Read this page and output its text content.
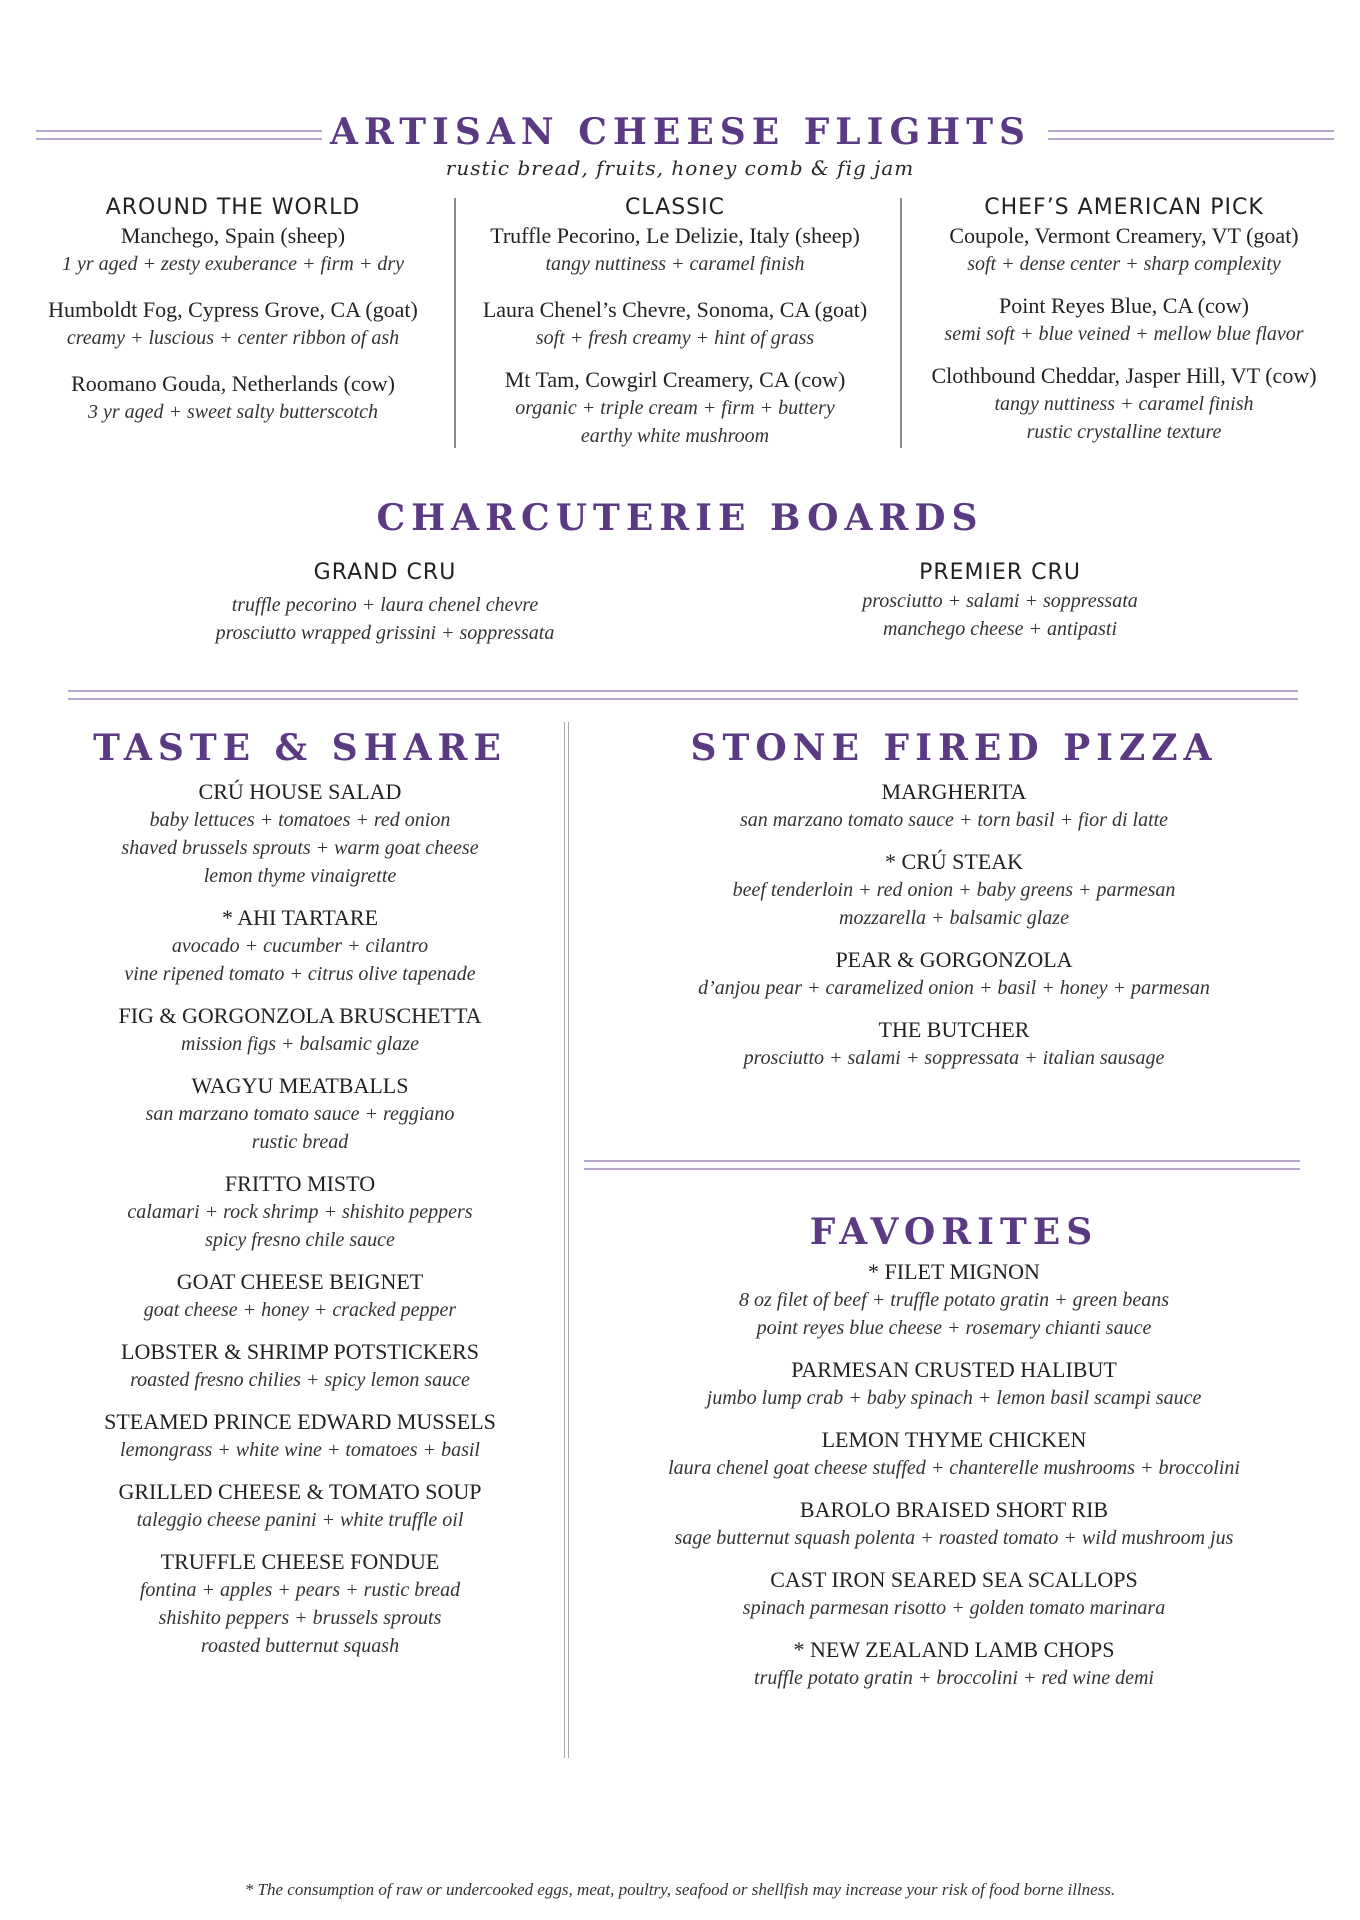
ARTISAN CHEESE FLIGHTS
rustic bread, fruits, honey comb & fig jam
AROUND THE WORLD
Manchego, Spain (sheep)
1 yr aged + zesty exuberance + firm + dry
Humboldt Fog, Cypress Grove, CA (goat)
creamy + luscious + center ribbon of ash
Roomano Gouda, Netherlands (cow)
3 yr aged + sweet salty butterscotch
CLASSIC
Truffle Pecorino, Le Delizie, Italy (sheep)
tangy nuttiness + caramel finish
Laura Chenel’s Chevre, Sonoma, CA (goat)
soft + fresh creamy + hint of grass
Mt Tam, Cowgirl Creamery, CA (cow)
organic + triple cream + firm + buttery
earthy white mushroom
CHEF’S AMERICAN PICK
Coupole, Vermont Creamery, VT (goat)
soft + dense center + sharp complexity
Point Reyes Blue, CA (cow)
semi soft + blue veined + mellow blue flavor
Clothbound Cheddar, Jasper Hill, VT (cow)
tangy nuttiness + caramel finish
rustic crystalline texture
CHARCUTERIE BOARDS
GRAND CRU
truffle pecorino + laura chenel chevre
prosciutto wrapped grissini + soppressata
PREMIER CRU
prosciutto + salami + soppressata
manchego cheese + antipasti
TASTE & SHARE
CRÚ HOUSE SALAD
baby lettuces + tomatoes + red onion
shaved brussels sprouts + warm goat cheese
lemon thyme vinaigrette
* AHI TARTARE
avocado + cucumber + cilantro
vine ripened tomato + citrus olive tapenade
FIG & GORGONZOLA BRUSCHETTA
mission figs + balsamic glaze
WAGYU MEATBALLS
san marzano tomato sauce + reggiano
rustic bread
FRITTO MISTO
calamari + rock shrimp + shishito peppers
spicy fresno chile sauce
GOAT CHEESE BEIGNET
goat cheese + honey + cracked pepper
LOBSTER & SHRIMP POTSTICKERS
roasted fresno chilies + spicy lemon sauce
STEAMED PRINCE EDWARD MUSSELS
lemongrass + white wine + tomatoes + basil
GRILLED CHEESE & TOMATO SOUP
taleggio cheese panini + white truffle oil
TRUFFLE CHEESE FONDUE
fontina + apples + pears + rustic bread
shishito peppers + brussels sprouts
roasted butternut squash
STONE FIRED PIZZA
MARGHERITA
san marzano tomato sauce + torn basil + fior di latte
* CRÚ STEAK
beef tenderloin + red onion + baby greens + parmesan
mozzarella + balsamic glaze
PEAR & GORGONZOLA
d’anjou pear + caramelized onion + basil + honey + parmesan
THE BUTCHER
prosciutto + salami + soppressata + italian sausage
FAVORITES
* FILET MIGNON
8 oz filet of beef + truffle potato gratin + green beans
point reyes blue cheese + rosemary chianti sauce
PARMESAN CRUSTED HALIBUT
jumbo lump crab + baby spinach + lemon basil scampi sauce
LEMON THYME CHICKEN
laura chenel goat cheese stuffed + chanterelle mushrooms + broccolini
BAROLO BRAISED SHORT RIB
sage butternut squash polenta + roasted tomato + wild mushroom jus
CAST IRON SEARED SEA SCALLOPS
spinach parmesan risotto + golden tomato marinara
* NEW ZEALAND LAMB CHOPS
truffle potato gratin + broccolini + red wine demi
* The consumption of raw or undercooked eggs, meat, poultry, seafood or shellfish may increase your risk of food borne illness.
